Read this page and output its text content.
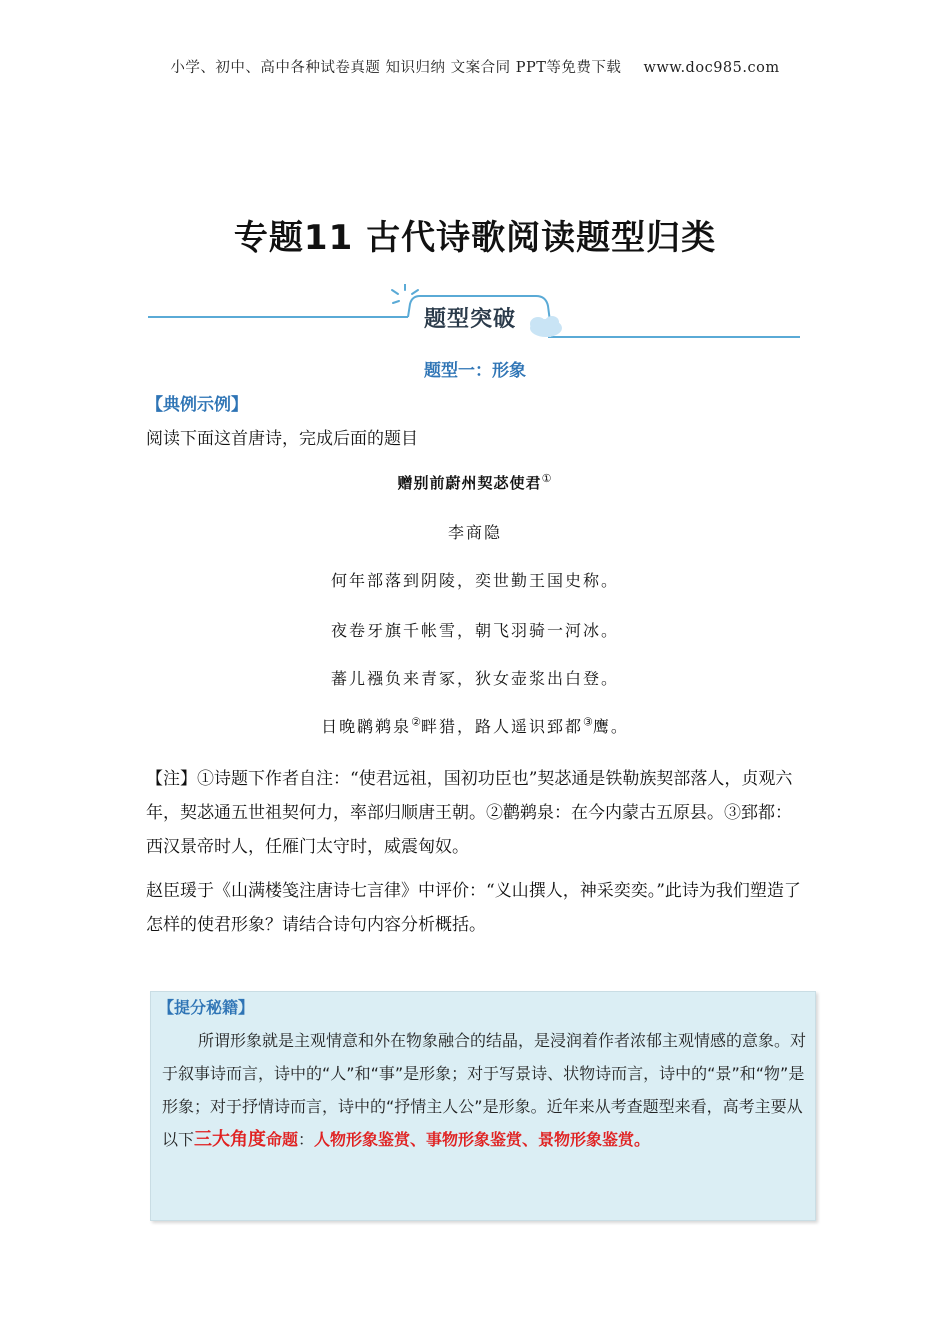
小学、初中、高中各种试卷真题 知识归纳 文案合同 PPT等免费下载 www.doc985.com
专题11 古代诗歌阅读题型归类
题型突破
题型一：形象
【典例示例】
阅读下面这首唐诗，完成后面的题目
赠别前蔚州契苾使君①
李商隐
何年部落到阴陵，奕世勤王国史称。
夜卷牙旗千帐雪，朝飞羽骑一河冰。
蕃儿襁负来青冢，狄女壶浆出白登。
日晚䴙鹈泉②畔猎，路人遥识郅都③鹰。
【注】①诗题下作者自注：“使君远祖，国初功臣也”契苾通是铁勒族契部落人，贞观六年，契苾通五世祖契何力，率部归顺唐王朝。②鹳鹈泉：在今内蒙古五原县。③郅都：西汉景帝时人，任雁门太守时，威震匈奴。
赵臣瑗于《山满楼笺注唐诗七言律》中评价：“义山撰人，神采奕奕。”此诗为我们塑造了怎样的使君形象？请结合诗句内容分析概括。
【提分秘籍】
所谓形象就是主观情意和外在物象融合的结晶，是浸润着作者浓郁主观情感的意象。对于叙事诗而言，诗中的“人”和“事”是形象；对于写景诗、状物诗而言，诗中的“景”和“物”是形象；对于抒情诗而言，诗中的“抒情主人公”是形象。近年来从考查题型来看，高考主要从以下三大角度命题：人物形象鉴赏、事物形象鉴赏、景物形象鉴赏。
